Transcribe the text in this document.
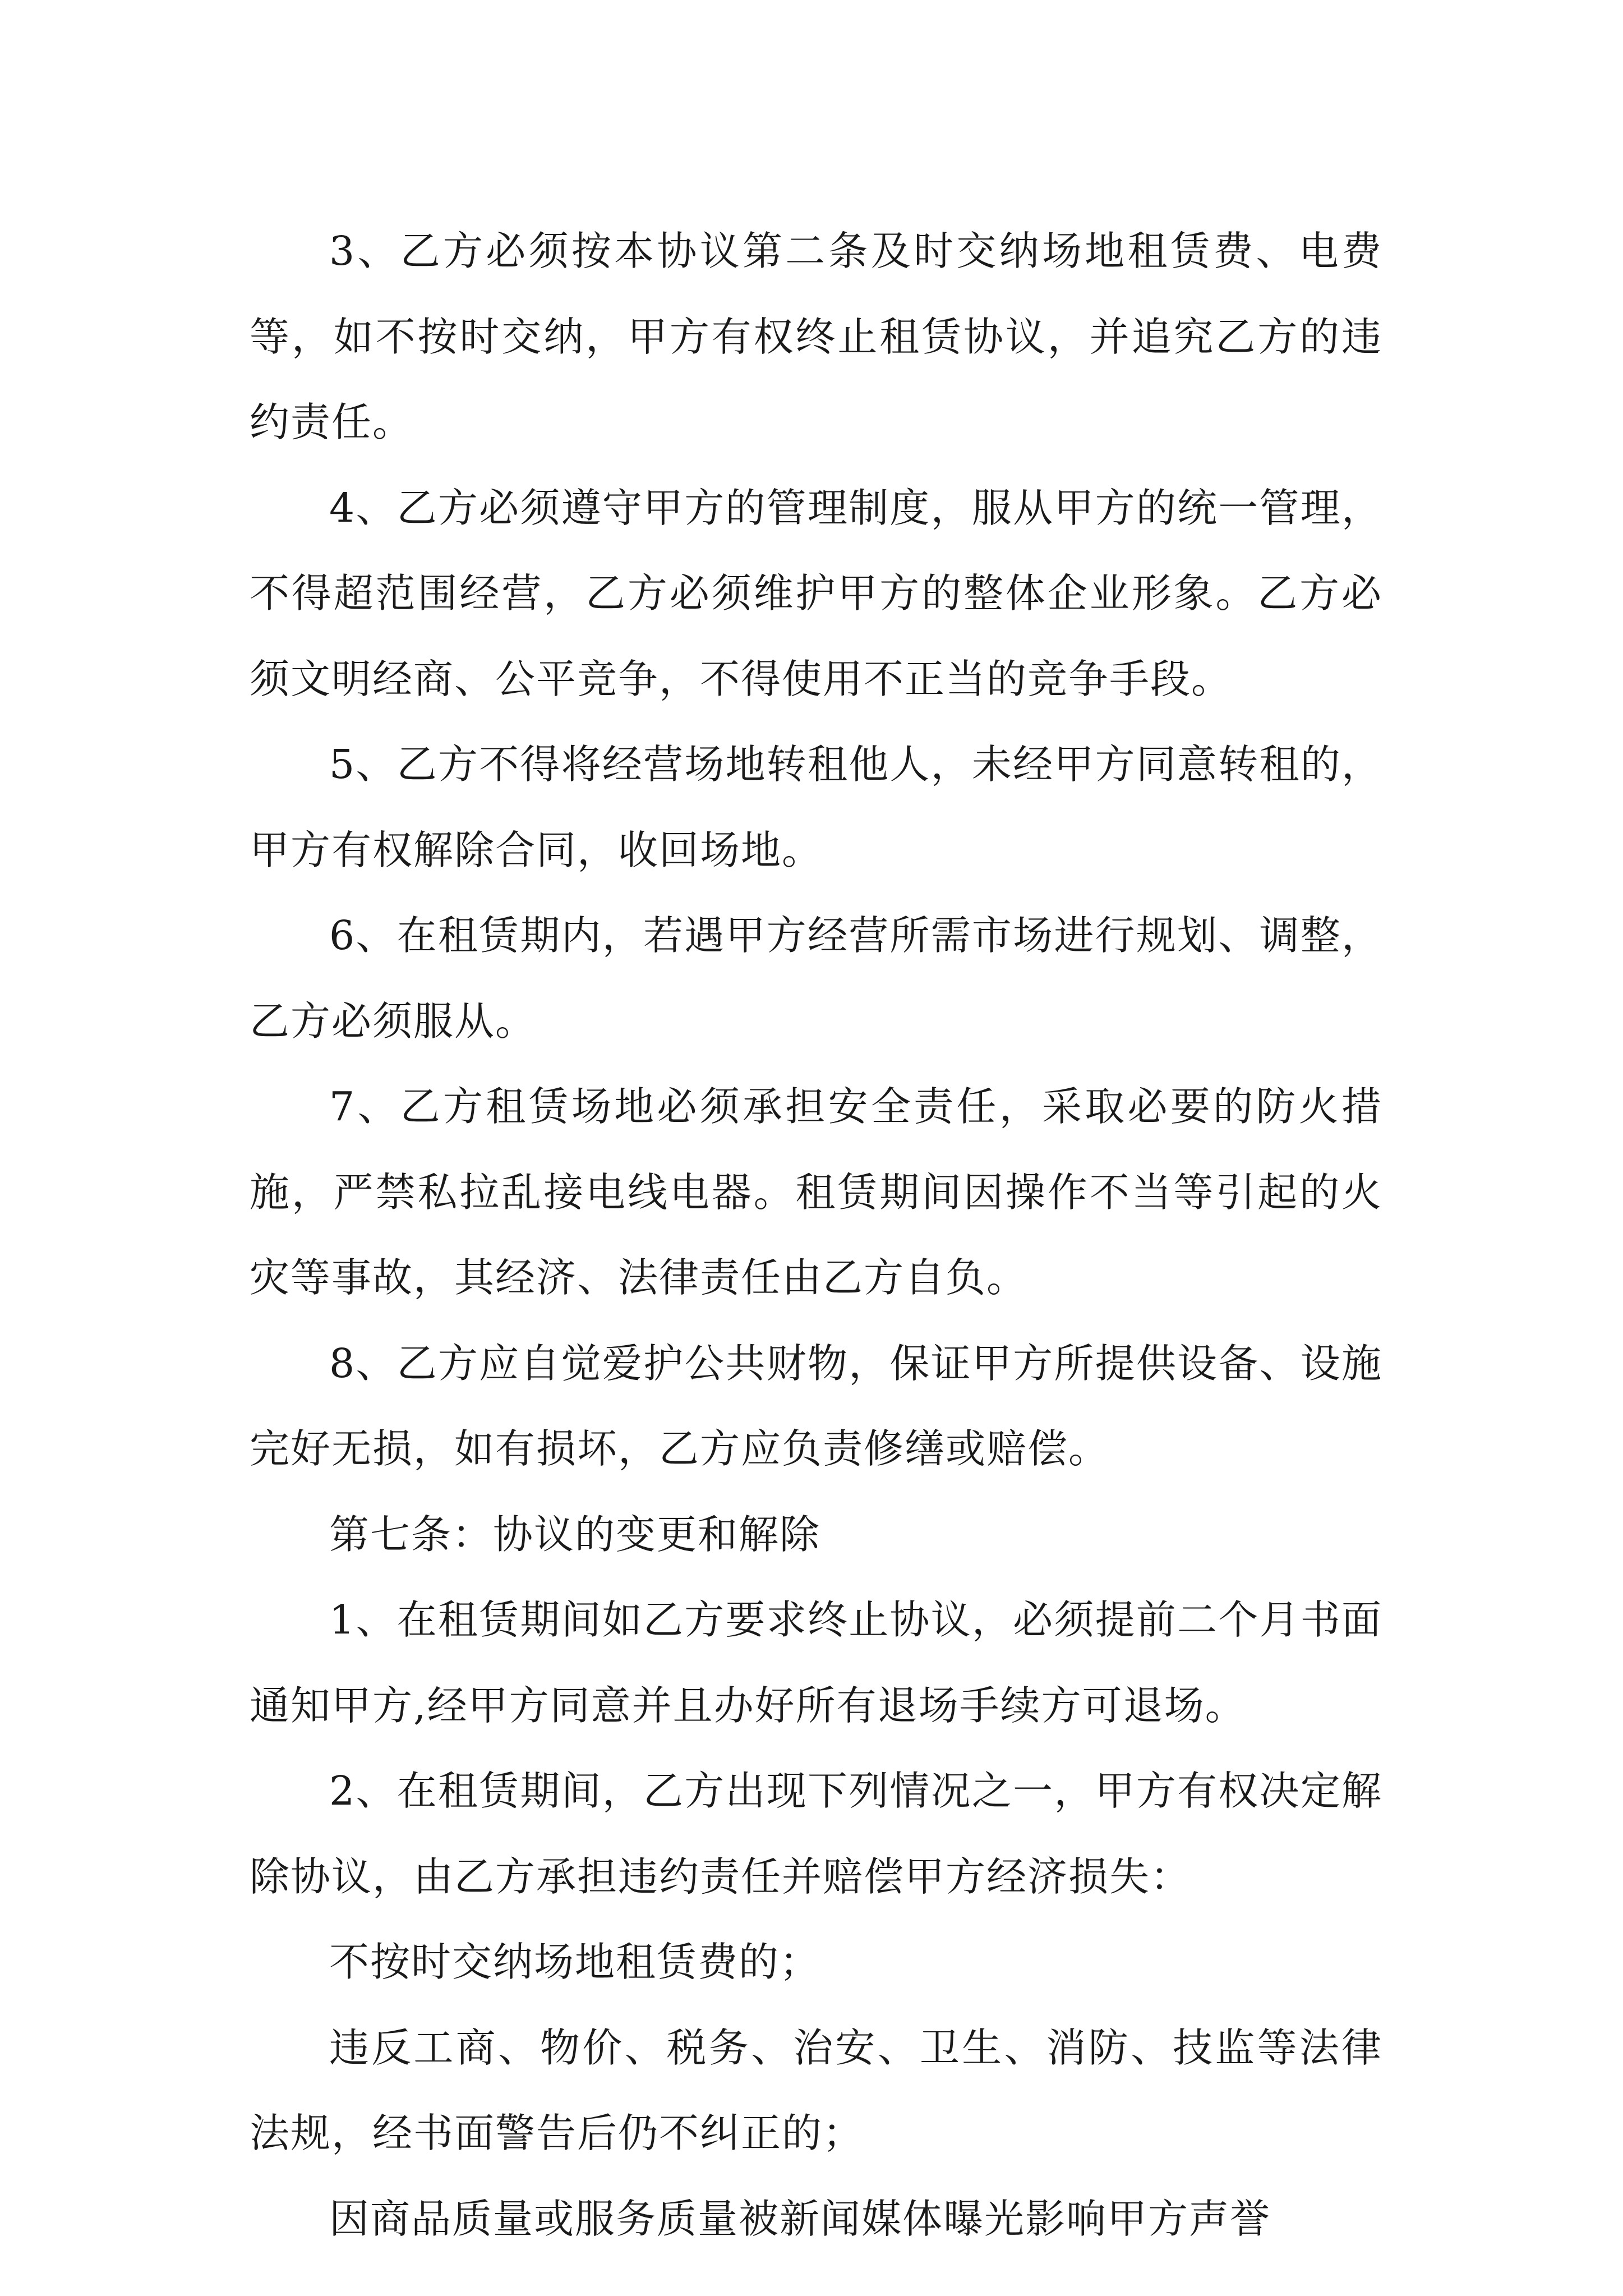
3、乙方必须按本协议第二条及时交纳场地租赁费、电费等，如不按时交纳，甲方有权终止租赁协议，并追究乙方的违约责任。

4、乙方必须遵守甲方的管理制度，服从甲方的统一管理，不得超范围经营，乙方必须维护甲方的整体企业形象。乙方必须文明经商、公平竞争，不得使用不正当的竞争手段。

5、乙方不得将经营场地转租他人，未经甲方同意转租的，甲方有权解除合同，收回场地。

6、在租赁期内，若遇甲方经营所需市场进行规划、调整，乙方必须服从。

7、乙方租赁场地必须承担安全责任，采取必要的防火措施，严禁私拉乱接电线电器。租赁期间因操作不当等引起的火灾等事故，其经济、法律责任由乙方自负。

8、乙方应自觉爱护公共财物，保证甲方所提供设备、设施完好无损，如有损坏，乙方应负责修缮或赔偿。

第七条：协议的变更和解除

1、在租赁期间如乙方要求终止协议，必须提前二个月书面通知甲方,经甲方同意并且办好所有退场手续方可退场。

2、在租赁期间，乙方出现下列情况之一，甲方有权决定解除协议，由乙方承担违约责任并赔偿甲方经济损失：

不按时交纳场地租赁费的；

违反工商、物价、税务、治安、卫生、消防、技监等法律法规，经书面警告后仍不纠正的；

因商品质量或服务质量被新闻媒体曝光影响甲方声誉
